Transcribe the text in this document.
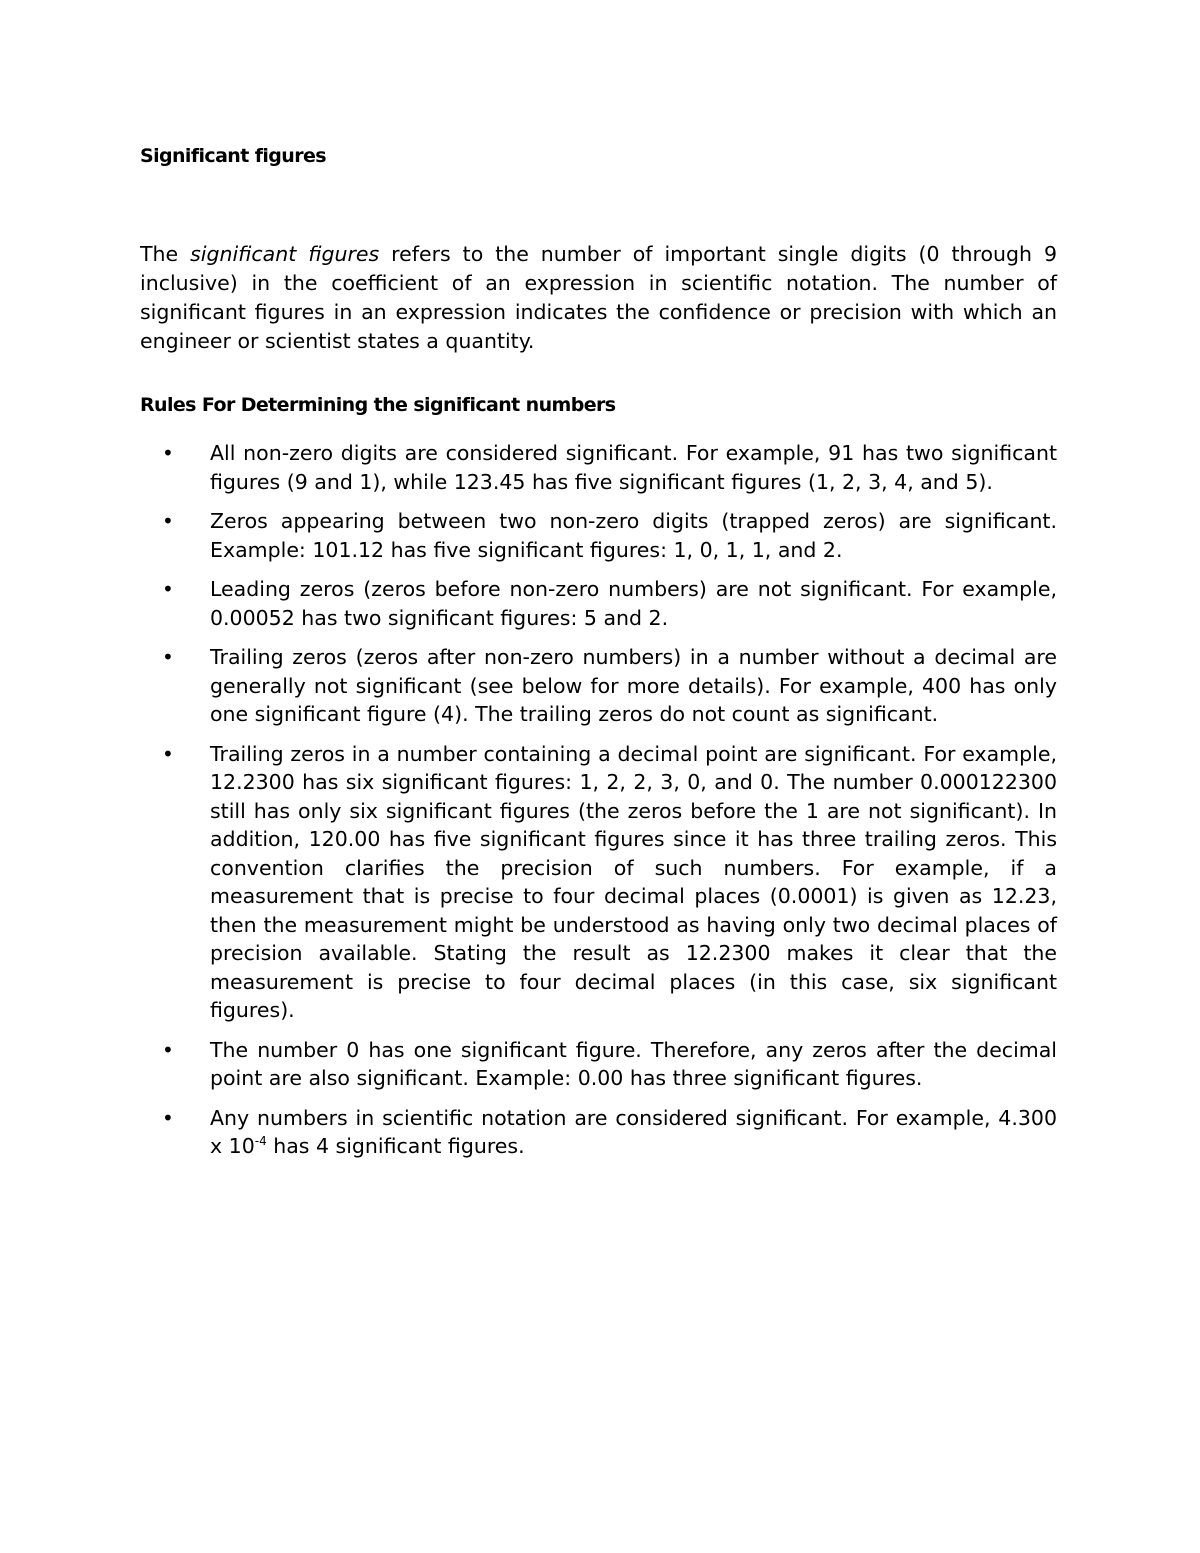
Significant figures

The significant figures refers to the number of important single digits (0 through 9 inclusive) in the coefficient of an expression in scientific notation. The number of significant figures in an expression indicates the confidence or precision with which an engineer or scientist states a quantity.

Rules For Determining the significant numbers
•	All non-zero digits are considered significant. For example, 91 has two significant figures (9 and 1), while 123.45 has five significant figures (1, 2, 3, 4, and 5).
•	Zeros appearing between two non-zero digits (trapped zeros) are significant. Example: 101.12 has five significant figures: 1, 0, 1, 1, and 2.
•	Leading zeros (zeros before non-zero numbers) are not significant. For example, 0.00052 has two significant figures: 5 and 2.
•	Trailing zeros (zeros after non-zero numbers) in a number without a decimal are generally not significant (see below for more details). For example, 400 has only one significant figure (4). The trailing zeros do not count as significant.
•	Trailing zeros in a number containing a decimal point are significant. For example, 12.2300 has six significant figures: 1, 2, 2, 3, 0, and 0. The number 0.000122300 still has only six significant figures (the zeros before the 1 are not significant). In addition, 120.00 has five significant figures since it has three trailing zeros. This convention clarifies the precision of such numbers. For example, if a measurement that is precise to four decimal places (0.0001) is given as 12.23, then the measurement might be understood as having only two decimal places of precision available. Stating the result as 12.2300 makes it clear that the measurement is precise to four decimal places (in this case, six significant figures).
•	The number 0 has one significant figure. Therefore, any zeros after the decimal point are also significant. Example: 0.00 has three significant figures.
•	Any numbers in scientific notation are considered significant. For example, 4.300 x $10^{-4}$ has 4 significant figures.
